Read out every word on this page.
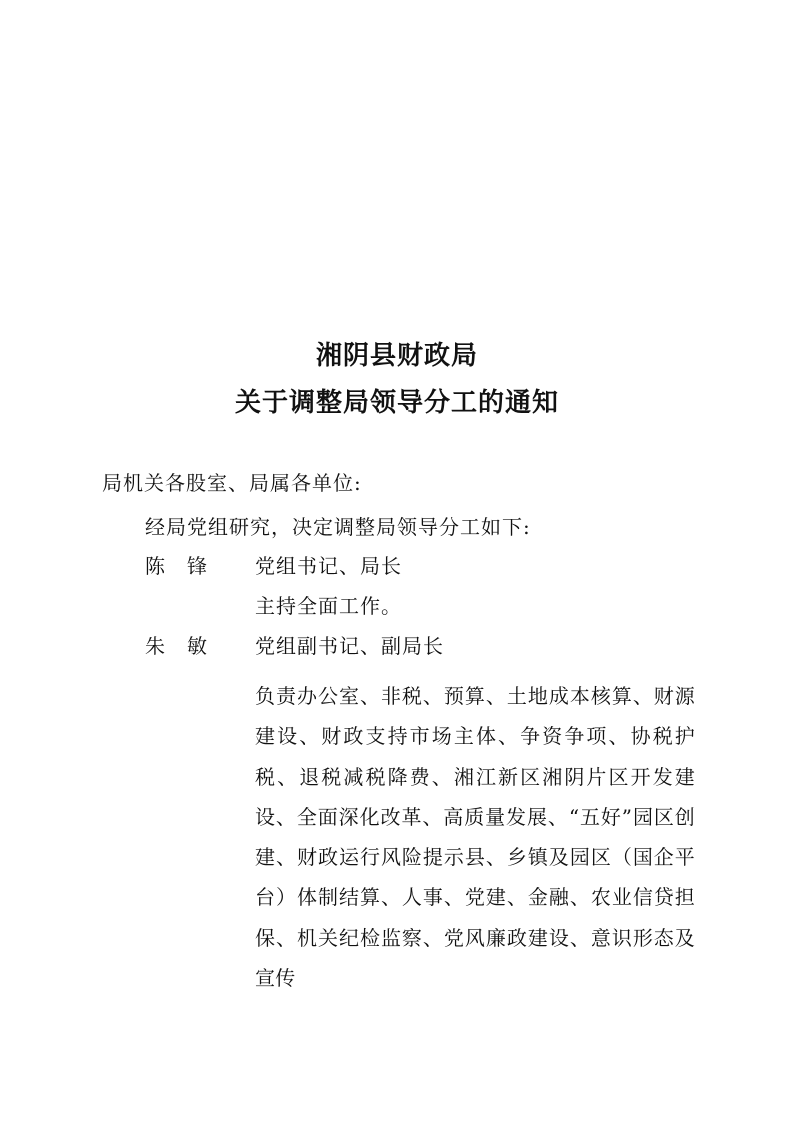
湘阴县财政局
关于调整局领导分工的通知
局机关各股室、局属各单位:
经局党组研究，决定调整局领导分工如下:
陈 锋 党组书记、局长
主持全面工作。
朱 敏 党组副书记、副局长
负责办公室、非税、预算、土地成本核算、财源建设、财政支持市场主体、争资争项、协税护税、退税减税降费、湘江新区湘阴片区开发建设、全面深化改革、高质量发展、“五好”园区创建、财政运行风险提示县、乡镇及园区（国企平台）体制结算、人事、党建、金融、农业信贷担保、机关纪检监察、党风廉政建设、意识形态及宣传
